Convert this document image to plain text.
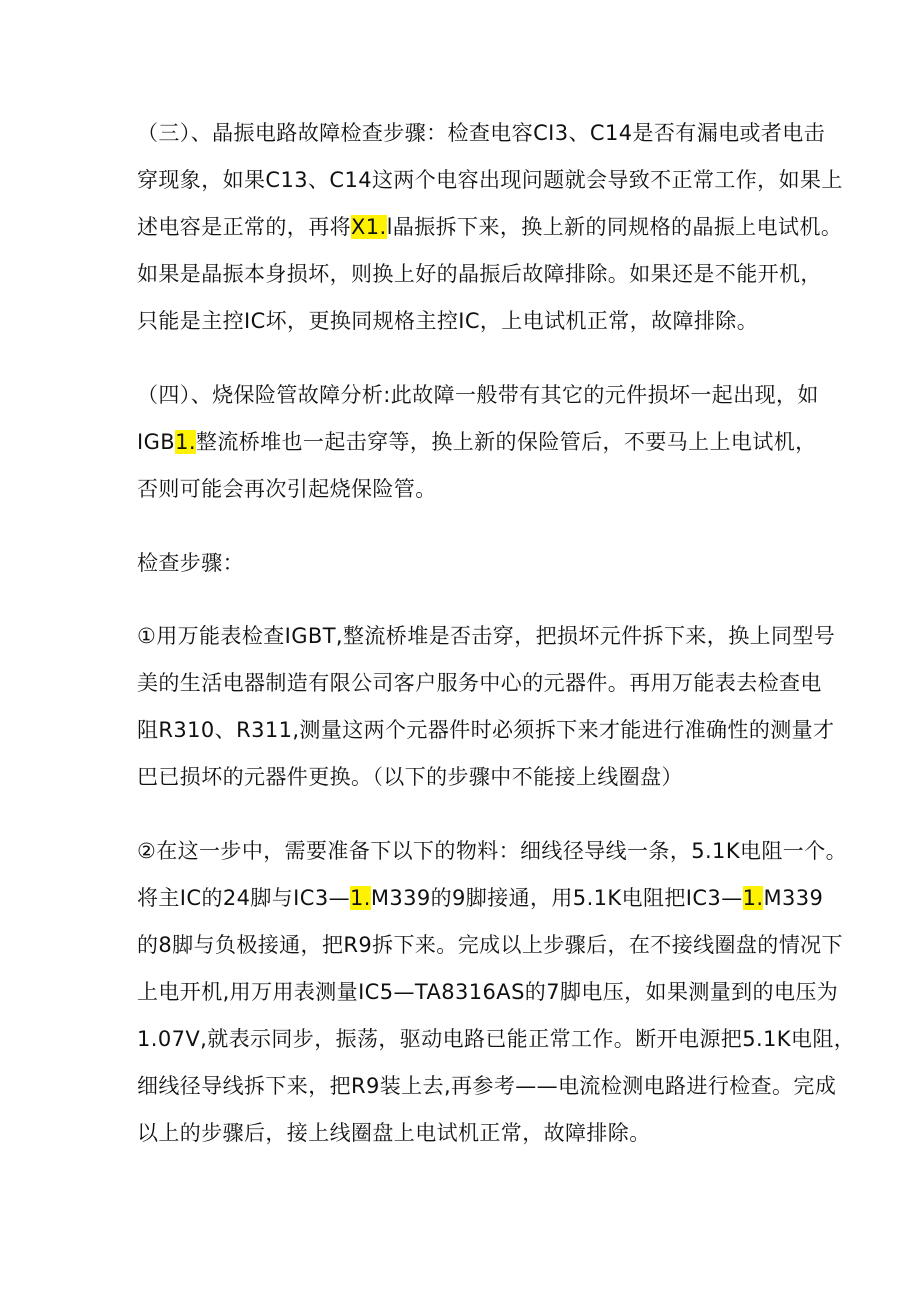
（三）、晶振电路故障检查步骤：检查电容CI3、C14是否有漏电或者电击
穿现象，如果C13、C14这两个电容出现问题就会导致不正常工作，如果上
述电容是正常的，再将X1.l晶振拆下来，换上新的同规格的晶振上电试机。
如果是晶振本身损坏，则换上好的晶振后故障排除。如果还是不能开机，
只能是主控IC坏，更换同规格主控IC，上电试机正常，故障排除。
（四）、烧保险管故障分析:此故障一般带有其它的元件损坏一起出现，如
IGB1.整流桥堆也一起击穿等，换上新的保险管后，不要马上上电试机，
否则可能会再次引起烧保险管。
检查步骤：
①用万能表检查IGBT,整流桥堆是否击穿，把损坏元件拆下来，换上同型号
美的生活电器制造有限公司客户服务中心的元器件。再用万能表去检查电
阻R310、R311,测量这两个元器件时必须拆下来才能进行准确性的测量才
巴已损坏的元器件更换。（以下的步骤中不能接上线圈盘）
②在这一步中，需要准备下以下的物料：细线径导线一条，5.1K电阻一个。
将主IC的24脚与IC3—1.M339的9脚接通，用5.1K电阻把IC3—1.M339
的8脚与负极接通，把R9拆下来。完成以上步骤后，在不接线圈盘的情况下
上电开机,用万用表测量IC5—TA8316AS的7脚电压，如果测量到的电压为
1.07V,就表示同步，振荡，驱动电路已能正常工作。断开电源把5.1K电阻，
细线径导线拆下来，把R9装上去,再参考——电流检测电路进行检查。完成
以上的步骤后，接上线圈盘上电试机正常，故障排除。
